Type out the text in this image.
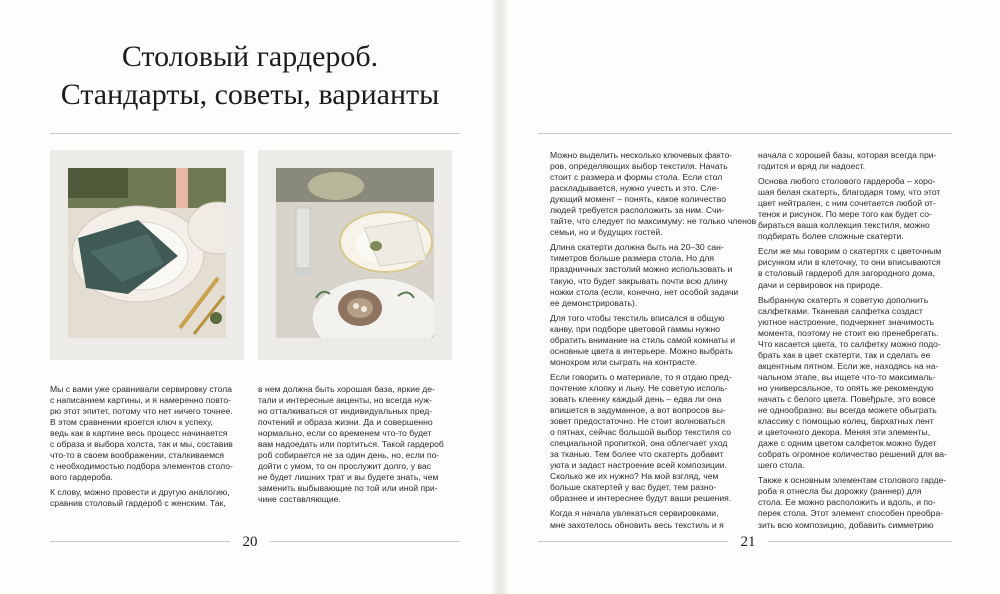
Столовый гардероб.
Стандарты, советы, варианты

Мы с вами уже сравнивали сервировку стола
с написанием картины, и я намеренно повто-
рю этот эпитет, потому что нет ничего точнее.
В этом сравнении кроется ключ к успеху,
ведь как в картине весь процесс начинается
с образа и выбора холста, так и мы, составив
что-то в своем воображении, сталкиваемся
с необходимостью подбора элементов столо-
вого гардероба.

К слову, можно провести и другую аналогию,
сравнив столовый гардероб с женским. Так,

в нем должна быть хорошая база, яркие де-
тали и интересные акценты, но всегда нуж-
но отталкиваться от индивидуальных пред-
почтений и образа жизни. Да и совершенно
нормально, если со временем что-то будет
вам надоедать или портиться. Такой гардероб
роб собирается не за один день, но, если по-
дойти с умом, то он прослужит долго, у вас
не будет лишних трат и вы будете знать, чем
заменить выбывающие по той или иной при-
чине составляющие.

20

Можно выделить несколько ключевых факто-
ров, определяющих выбор текстиля. Начать
стоит с размера и формы стола. Если стол
раскладывается, нужно учесть и это. Сле-
дующий момент – понять, какое количество
людей требуется расположить за ним. Счи-
тайте, что следует по максимуму: не только членов
семьи, но и будущих гостей.

Длина скатерти должна быть на 20–30 сан-
тиметров больше размера стола. Но для
праздничных застолий можно использовать и
такую, что будет закрывать почти всю длину
ножки стола (если, конечно, нет особой задачи
ее демонстрировать).

Для того чтобы текстиль вписался в общую
канву, при подборе цветовой гаммы нужно
обратить внимание на стиль самой комнаты и
основные цвета в интерьере. Можно выбрать
монохром или сыграть на контрасте.

Если говорить о материале, то я отдаю пред-
почтение хлопку и льну. Не советую исполь-
зовать клеенку каждый день – едва ли она
впишется в задуманное, а вот вопросов вы-
зовет предостаточно. Не стоит волноваться
о пятнах, сейчас большой выбор текстиля со
специальной пропиткой, она облегчает уход
за тканью. Тем более что скатерть добавит
уюта и задаст настроение всей композиции.
Сколько же их нужно? На мой взгляд, чем
больше скатертей у вас будет, тем разно-
образнее и интереснее будут ваши решения.

Когда я начала увлекаться сервировками,
мне захотелось обновить весь текстиль и я

начала с хорошей базы, которая всегда при-
годится и вряд ли надоест.

Основа любого столового гардероба – хоро-
шая белая скатерть, благодаря тому, что этот
цвет нейтрален, с ним сочетается любой от-
тенок и рисунок. По мере того как будет со-
бираться ваша коллекция текстиля, можно
подбирать более сложные скатерти.

Если же мы говорим о скатертях с цветочным
рисунком или в клеточку, то они вписываются
в столовый гардероб для загородного дома,
дачи и сервировок на природе.

Выбранную скатерть я советую дополнить
салфетками. Тканевая салфетка создаст
уютное настроение, подчеркнет значимость
момента, поэтому не стоит ею пренебрегать.
Что касается цвета, то салфетку можно подо-
брать как в цвет скатерти, так и сделать ее
акцентным пятном. Если же, находясь на на-
чальном этапе, вы ищете что-то максималь-
но универсальное, то опять же рекомендую
начать с белого цвета. Повеђрьте, это вовсе
не однообразно: вы всегда можете обыграть
классику с помощью колец, бархатных лент
и цветочного декора. Меняя эти элементы,
даже с одним цветом салфеток можно будет
собрать огромное количество решений для ва-
шего стола.

Также к основным элементам столового гарде-
роба я отнесла бы дорожку (раннер) для
стола. Ее можно расположить и вдоль, и по-
перек стола. Этот элемент способен преобра-
зить всю композицию, добавить симметрию

21
